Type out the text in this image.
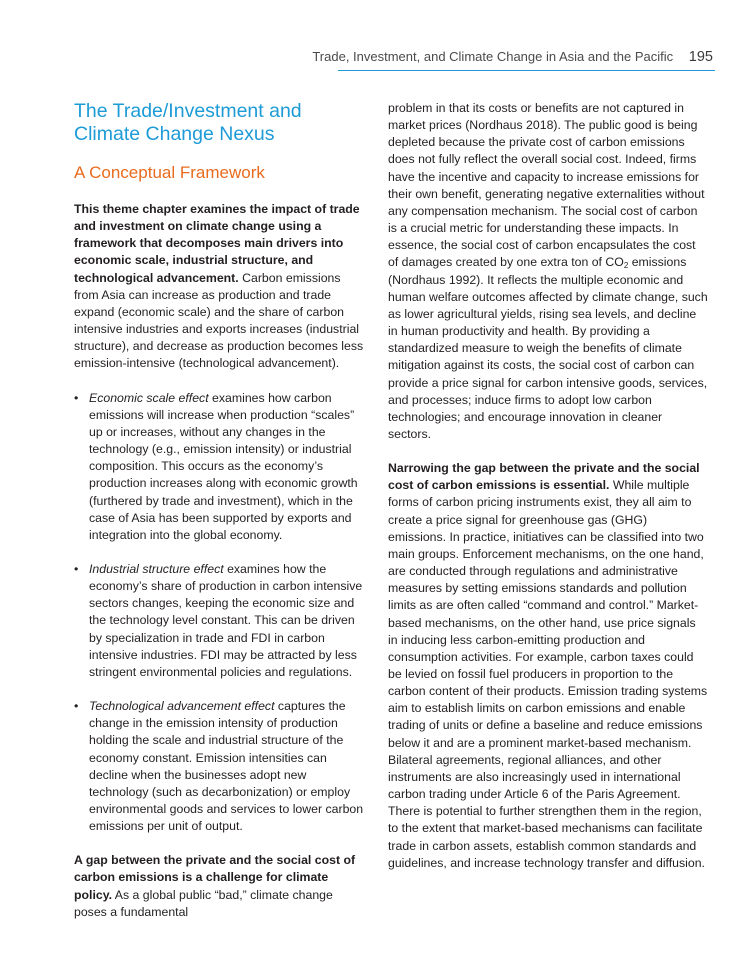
Trade, Investment, and Climate Change in Asia and the Pacific 195
The Trade/Investment and Climate Change Nexus
A Conceptual Framework

This theme chapter examines the impact of trade and investment on climate change using a framework that decomposes main drivers into economic scale, industrial structure, and technological advancement. Carbon emissions from Asia can increase as production and trade expand (economic scale) and the share of carbon intensive industries and exports increases (industrial structure), and decrease as production becomes less emission-intensive (technological advancement).

• Economic scale effect examines how carbon emissions will increase when production “scales” up or increases, without any changes in the technology (e.g., emission intensity) or industrial composition. This occurs as the economy’s production increases along with economic growth (furthered by trade and investment), which in the case of Asia has been supported by exports and integration into the global economy.
• Industrial structure effect examines how the economy’s share of production in carbon intensive sectors changes, keeping the economic size and the technology level constant. This can be driven by specialization in trade and FDI in carbon intensive industries. FDI may be attracted by less stringent environmental policies and regulations.
• Technological advancement effect captures the change in the emission intensity of production holding the scale and industrial structure of the economy constant. Emission intensities can decline when the businesses adopt new technology (such as decarbonization) or employ environmental goods and services to lower carbon emissions per unit of output.

A gap between the private and the social cost of carbon emissions is a challenge for climate policy. As a global public “bad,” climate change poses a fundamental

problem in that its costs or benefits are not captured in market prices (Nordhaus 2018). The public good is being depleted because the private cost of carbon emissions does not fully reflect the overall social cost. Indeed, firms have the incentive and capacity to increase emissions for their own benefit, generating negative externalities without any compensation mechanism. The social cost of carbon is a crucial metric for understanding these impacts. In essence, the social cost of carbon encapsulates the cost of damages created by one extra ton of $CO_2$ emissions (Nordhaus 1992). It reflects the multiple economic and human welfare outcomes affected by climate change, such as lower agricultural yields, rising sea levels, and decline in human productivity and health. By providing a standardized measure to weigh the benefits of climate mitigation against its costs, the social cost of carbon can provide a price signal for carbon intensive goods, services, and processes; induce firms to adopt low carbon technologies; and encourage innovation in cleaner sectors.

Narrowing the gap between the private and the social cost of carbon emissions is essential. While multiple forms of carbon pricing instruments exist, they all aim to create a price signal for greenhouse gas (GHG) emissions. In practice, initiatives can be classified into two main groups. Enforcement mechanisms, on the one hand, are conducted through regulations and administrative measures by setting emissions standards and pollution limits as are often called “command and control.” Market-based mechanisms, on the other hand, use price signals in inducing less carbon-emitting production and consumption activities. For example, carbon taxes could be levied on fossil fuel producers in proportion to the carbon content of their products. Emission trading systems aim to establish limits on carbon emissions and enable trading of units or define a baseline and reduce emissions below it and are a prominent market-based mechanism. Bilateral agreements, regional alliances, and other instruments are also increasingly used in international carbon trading under Article 6 of the Paris Agreement. There is potential to further strengthen them in the region, to the extent that market-based mechanisms can facilitate trade in carbon assets, establish common standards and guidelines, and increase technology transfer and diffusion.
